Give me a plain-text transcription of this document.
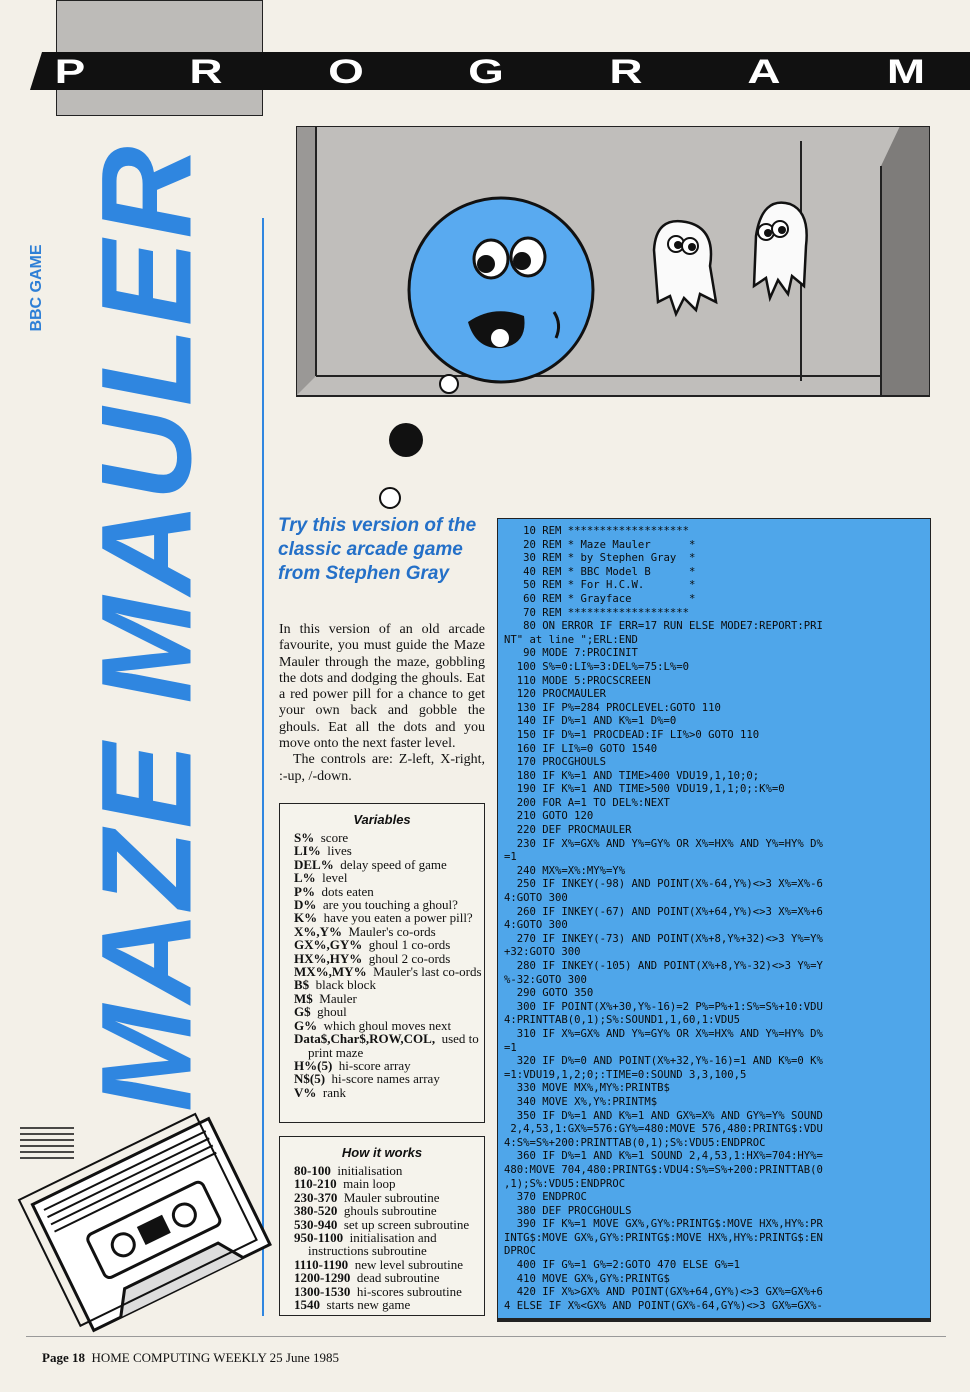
P	R	O	G	R	A	M
BBC GAME MAZE MAULER	Try this version of the classic arcade game from Stephen Gray

In this version of an old arcade favourite, you must guide the Maze Mauler through the maze, gobbling the dots and dodging the ghouls. Eat a red power pill for a chance to get your own back and gobble the ghouls. Eat all the dots and you move onto the next faster level.

The controls are: Z-left, X-right, :-up, /-down.

Variables
S% score
LI% lives
DEL% delay speed of game
L% level
P% dots eaten
D% are you touching a ghoul?
K% have you eaten a power pill?
X%,Y% Mauler's co-ords
GX%,GY% ghoul 1 co-ords
HX%,HY% ghoul 2 co-ords
MX%,MY% Mauler's last co-ords
B$ black block
M$ Mauler
G$ ghoul
G% which ghoul moves next
Data$,Char$,ROW,COL, used to print maze
H%(5) hi-score array
N$(5) hi-score names array
V% rank
How it works
80-100 initialisation
110-210 main loop
230-370 Mauler subroutine
380-520 ghouls subroutine
530-940 set up screen subroutine
950-1100 initialisation and instructions subroutine
1110-1190 new level subroutine
1200-1290 dead subroutine
1300-1530 hi-scores subroutine
1540 starts new game
10 REM *******************
20 REM * Maze Mauler      *
30 REM * by Stephen Gray  *
40 REM * BBC Model B      *
50 REM * For H.C.W.       *
60 REM * Grayface         *
70 REM *******************
80 ON ERROR IF ERR=17 RUN ELSE MODE7:REPORT:PRI
NT" at line ";ERL:END
90 MODE 7:PROCINIT
100 S%=0:LI%=3:DEL%=75:L%=0
110 MODE 5:PROCSCREEN
120 PROCMAULER
130 IF P%=284 PROCLEVEL:GOTO 110
140 IF D%=1 AND K%=1 D%=0
150 IF D%=1 PROCDEAD:IF LI%>0 GOTO 110
160 IF LI%=0 GOTO 1540
170 PROCGHOULS
180 IF K%=1 AND TIME>400 VDU19,1,10;0;
190 IF K%=1 AND TIME>500 VDU19,1,1;0;:K%=0
200 FOR A=1 TO DEL%:NEXT
210 GOTO 120
220 DEF PROCMAULER
230 IF X%=GX% AND Y%=GY% OR X%=HX% AND Y%=HY% D%
=1
240 MX%=X%:MY%=Y%
250 IF INKEY(-98) AND POINT(X%-64,Y%)<>3 X%=X%-6
4:GOTO 300
260 IF INKEY(-67) AND POINT(X%+64,Y%)<>3 X%=X%+6
4:GOTO 300
270 IF INKEY(-73) AND POINT(X%+8,Y%+32)<>3 Y%=Y%
+32:GOTO 300
280 IF INKEY(-105) AND POINT(X%+8,Y%-32)<>3 Y%=Y
%-32:GOTO 300
290 GOTO 350
300 IF POINT(X%+30,Y%-16)=2 P%=P%+1:S%=S%+10:VDU
4:PRINTTAB(0,1);S%:SOUND1,1,60,1:VDU5
310 IF X%=GX% AND Y%=GY% OR X%=HX% AND Y%=HY% D%
=1
320 IF D%=0 AND POINT(X%+32,Y%-16)=1 AND K%=0 K%
=1:VDU19,1,2;0;:TIME=0:SOUND 3,3,100,5
330 MOVE MX%,MY%:PRINTB$
340 MOVE X%,Y%:PRINTM$
350 IF D%=1 AND K%=1 AND GX%=X% AND GY%=Y% SOUND
2,4,53,1:GX%=576:GY%=480:MOVE 576,480:PRINTG$:VDU
4:S%=S%+200:PRINTTAB(0,1);S%:VDU5:ENDPROC
360 IF D%=1 AND K%=1 SOUND 2,4,53,1:HX%=704:HY%=
480:MOVE 704,480:PRINTG$:VDU4:S%=S%+200:PRINTTAB(0
,1);S%:VDU5:ENDPROC
370 ENDPROC
380 DEF PROCGHOULS
390 IF K%=1 MOVE GX%,GY%:PRINTG$:MOVE HX%,HY%:PR
INTG$:MOVE GX%,GY%:PRINTG$:MOVE HX%,HY%:PRINTG$:EN
DPROC
400 IF G%=1 G%=2:GOTO 470 ELSE G%=1
410 MOVE GX%,GY%:PRINTG$
420 IF X%>GX% AND POINT(GX%+64,GY%)<>3 GX%=GX%+6
4 ELSE IF X%<GX% AND POINT(GX%-64,GY%)<>3 GX%=GX%-
Page 18 HOME COMPUTING WEEKLY 25 June 1985
